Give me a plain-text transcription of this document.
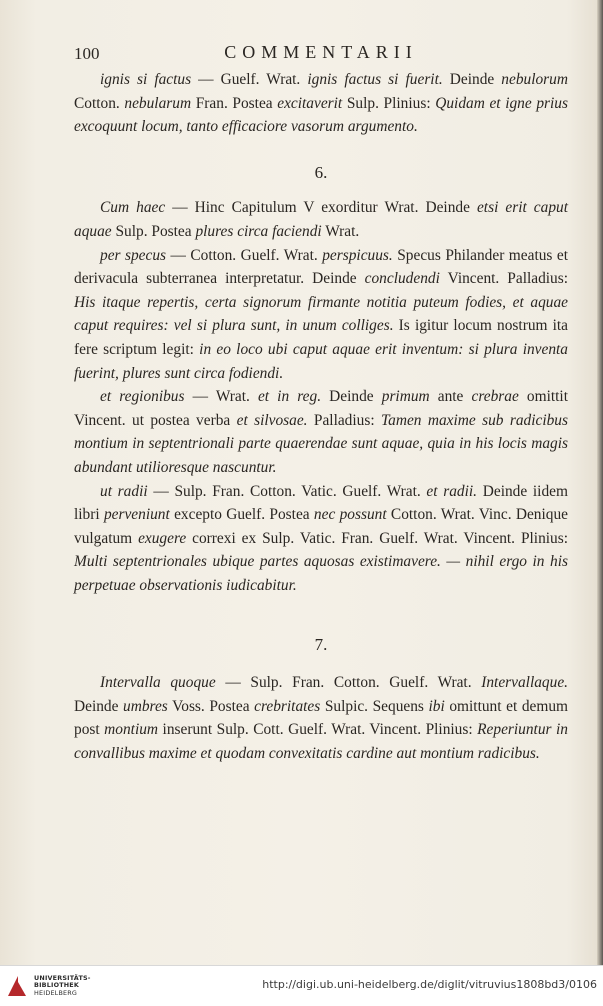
100	COMMENTARII

ignis si factus — Guelf. Wrat. ignis factus si fuerit. Deinde nebulorum Cotton. nebularum Fran. Postea excitaverit Sulp. Plinius: Quidam et igne prius excoquunt locum, tanto efficaciore vasorum argumento.

6.

Cum haec — Hinc Capitulum V exorditur Wrat. Deinde etsi erit caput aquae Sulp. Postea plures circa faciendi Wrat.

per specus — Cotton. Guelf. Wrat. perspicuus. Specus Philander meatus et derivacula subterranea interpretatur. Deinde concludendi Vincent. Palladius: His itaque repertis, certa signorum firmante notitia puteum fodies, et aquae caput requires: vel si plura sunt, in unum colliges. Is igitur locum nostrum ita fere scriptum legit: in eo loco ubi caput aquae erit inventum: si plura inventa fuerint, plures sunt circa fodiendi.

et regionibus — Wrat. et in reg. Deinde primum ante crebrae omittit Vincent. ut postea verba et silvosae. Palladius: Tamen maxime sub radicibus montium in septentrionali parte quaerendae sunt aquae, quia in his locis magis abundant utilioresque nascuntur.

ut radii — Sulp. Fran. Cotton. Vatic. Guelf. Wrat. et radii. Deinde iidem libri perveniunt excepto Guelf. Postea nec possunt Cotton. Wrat. Vinc. Denique vulgatum exugere correxi ex Sulp. Vatic. Fran. Guelf. Wrat. Vincent. Plinius: Multi septentrionales ubique partes aquosas existimavere. — nihil ergo in his perpetuae observationis iudicabitur.

7.

Intervalla quoque — Sulp. Fran. Cotton. Guelf. Wrat. Intervallaque. Deinde umbres Voss. Postea crebritates Sulpic. Sequens ibi omittunt et demum post montium inserunt Sulp. Cott. Guelf. Wrat. Vincent. Plinius: Reperiuntur in convallibus maxime et quodam convexitatis cardine aut montium radicibus.

UNIVERSITÄTS-
BIBLIOTHEK
HEIDELBERG
http://digi.ub.uni-heidelberg.de/diglit/vitruvius1808bd3/0106
